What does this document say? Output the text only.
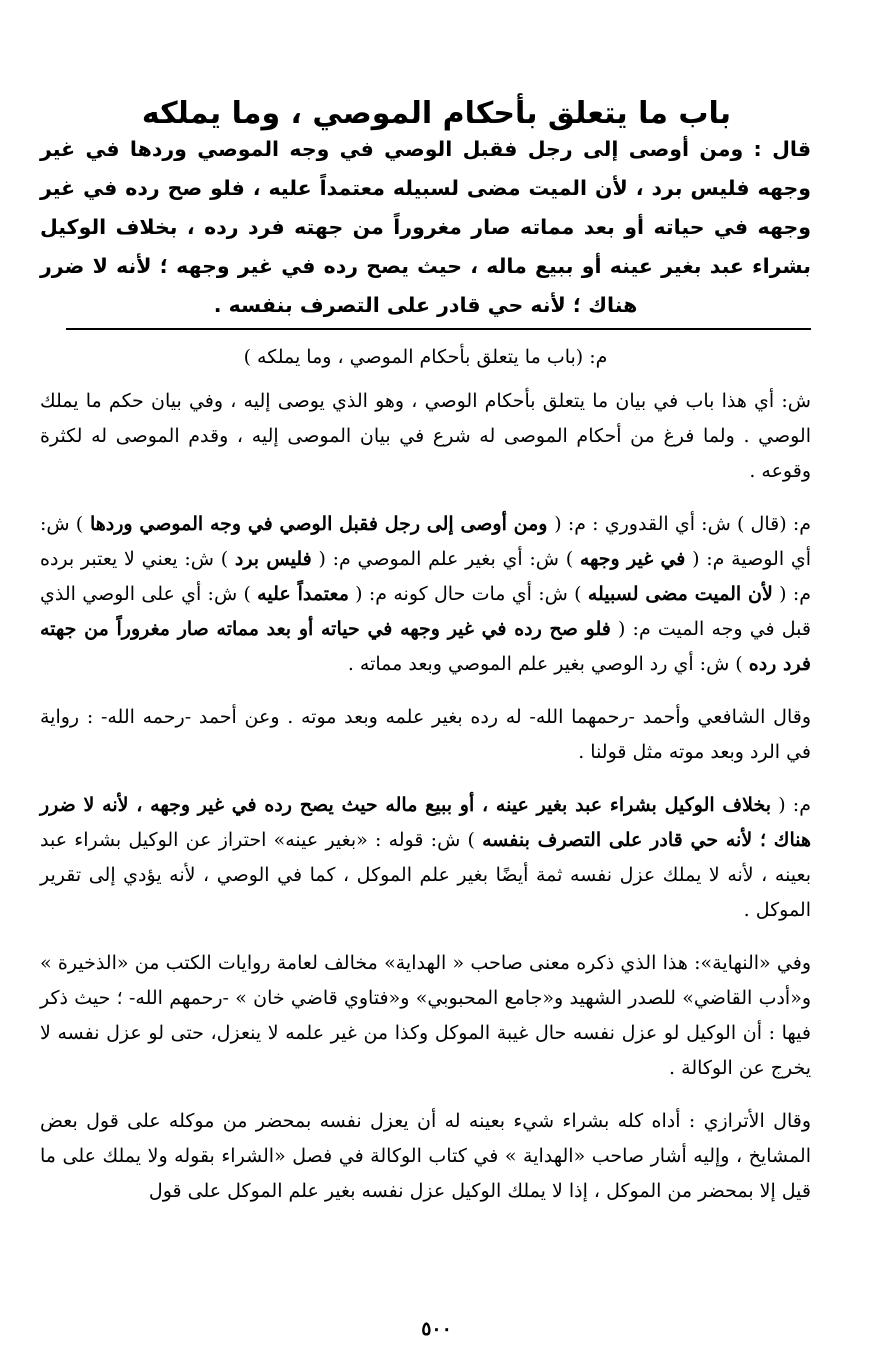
باب ما يتعلق بأحكام الموصي ، وما يملكه
قال : ومن أوصى إلى رجل فقبل الوصي في وجه الموصي وردها في غير وجهه فليس برد ، لأن الميت مضى لسبيله معتمداً عليه ، فلو صح رده في غير وجهه في حياته أو بعد مماته صار مغروراً من جهته فرد رده ، بخلاف الوكيل بشراء عبد بغير عينه أو ببيع ماله ، حيث يصح رده في غير وجهه ؛ لأنه لا ضرر هناك ؛ لأنه حي قادر على التصرف بنفسه .
م: (باب ما يتعلق بأحكام الموصي ، وما يملكه )

ش: أي هذا باب في بيان ما يتعلق بأحكام الوصي ، وهو الذي يوصى إليه ، وفي بيان حكم ما يملك الوصي . ولما فرغ من أحكام الموصى له شرع في بيان الموصى إليه ، وقدم الموصى له لكثرة وقوعه .

م: (قال ) ش: أي القدوري : م: ( ومن أوصى إلى رجل فقبل الوصي في وجه الموصي وردها ) ش: أي الوصية م: ( في غير وجهه ) ش: أي بغير علم الموصي م: ( فليس برد ) ش: يعني لا يعتبر برده م: ( لأن الميت مضى لسبيله ) ش: أي مات حال كونه م: ( معتمداً عليه ) ش: أي على الوصي الذي قبل في وجه الميت م: ( فلو صح رده في غير وجهه في حياته أو بعد مماته صار مغروراً من جهته فرد رده ) ش: أي رد الوصي بغير علم الموصي وبعد مماته .

وقال الشافعي وأحمد -رحمهما الله- له رده بغير علمه وبعد موته . وعن أحمد -رحمه الله- : رواية في الرد وبعد موته مثل قولنا .

م: ( بخلاف الوكيل بشراء عبد بغير عينه ، أو ببيع ماله حيث يصح رده في غير وجهه ، لأنه لا ضرر هناك ؛ لأنه حي قادر على التصرف بنفسه ) ش: قوله : «بغير عينه» احتراز عن الوكيل بشراء عبد بعينه ، لأنه لا يملك عزل نفسه ثمة أيضًا بغير علم الموكل ، كما في الوصي ، لأنه يؤدي إلى تقرير الموكل .

وفي «النهاية»: هذا الذي ذكره معنى صاحب « الهداية» مخالف لعامة روايات الكتب من «الذخيرة » و«أدب القاضي» للصدر الشهيد و«جامع المحبوبي» و«فتاوي قاضي خان » -رحمهم الله- ؛ حيث ذكر فيها : أن الوكيل لو عزل نفسه حال غيبة الموكل وكذا من غير علمه لا ينعزل، حتى لو عزل نفسه لا يخرج عن الوكالة .

وقال الأترازي : أداه كله بشراء شيء بعينه له أن يعزل نفسه بمحضر من موكله على قول بعض المشايخ ، وإليه أشار صاحب «الهداية » في كتاب الوكالة في فصل «الشراء بقوله ولا يملك على ما قيل إلا بمحضر من الموكل ، إذا لا يملك الوكيل عزل نفسه بغير علم الموكل على قول

٥٠٠
